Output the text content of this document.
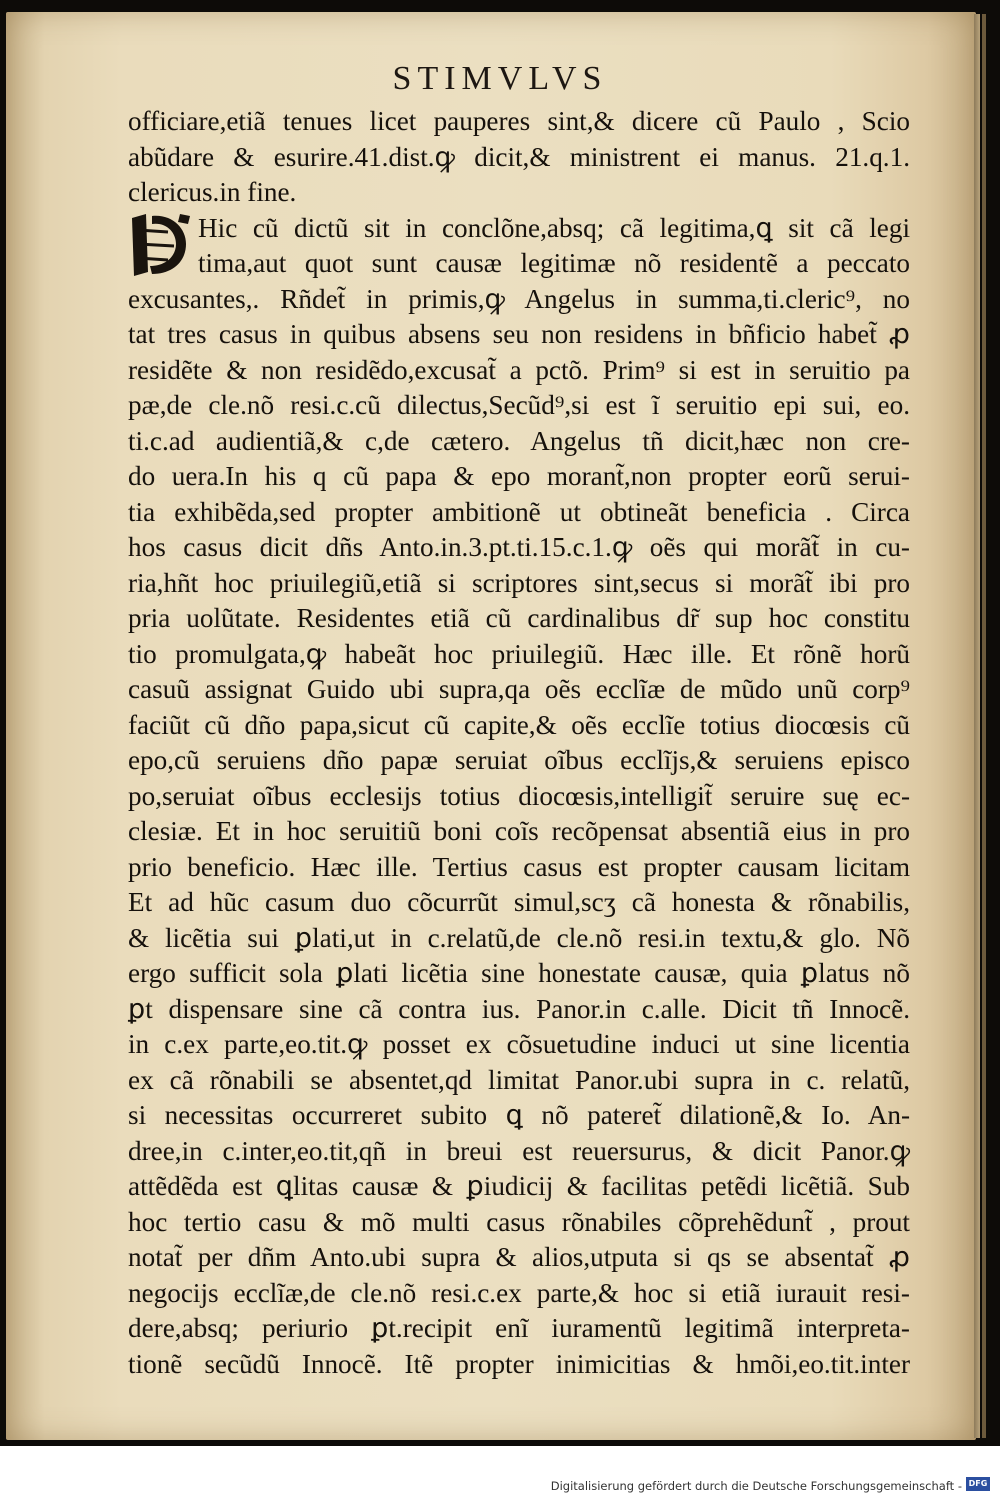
STIMVLVS
officiare,etiã tenues licet pauperes sint,& dicere cũ Paulo , Scio
abũdare & esurire.41.dist.ꝙ dicit,& ministrent ei manus. 21.q.1.
clericus.in fine.
Hic cũ dictũ sit in conclõne,absq; cã legitima,ꝗ sit cã legi
tima,aut quot sunt causæ legitimæ nõ residentẽ a peccato
excusantes,. Rñdet̃ in primis,ꝙ Angelus in summa,ti.cleric⁹, no
tat tres casus in quibus absens seu non residens in bñficio habet̃ ꝓ
residẽte & non residẽdo,excusat̃ a pctõ. Prim⁹ si est in seruitio pa
pæ,de cle.nõ resi.c.cũ dilectus,Secũd⁹,si est ĩ seruitio epi sui, eo.
ti.c.ad audientiã,& c,de cætero. Angelus tñ dicit,hæc non cre-
do uera.In his q cũ papa & epo morant̃,non propter eorũ serui-
tia exhibẽda,sed propter ambitionẽ ut obtineãt beneficia . Circa
hos casus dicit dñs Anto.in.3.pt.ti.15.c.1.ꝙ oẽs qui morãt̃ in cu-
ria,hñt hoc priuilegiũ,etiã si scriptores sint,secus si morãt̃ ibi pro
pria uolũtate. Residentes etiã cũ cardinalibus dr̃ sup hoc constitu
tio promulgata,ꝙ habeãt hoc priuilegiũ. Hæc ille. Et rõnẽ horũ
casuũ assignat Guido ubi supra,qa oẽs ecclĩæ de mũdo unũ corp⁹
faciũt cũ dño papa,sicut cũ capite,& oẽs ecclĩe totius diocœsis cũ
epo,cũ seruiens dño papæ seruiat oĩbus ecclĩjs,& seruiens episco
po,seruiat oĩbus ecclesijs totius diocœsis,intelligit̃ seruire suę ec-
clesiæ. Et in hoc seruitiũ boni coĩs recõpensat absentiã eius in pro
prio beneficio. Hæc ille. Tertius casus est propter causam licitam
Et ad hũc casum duo cõcurrũt simul,scʒ cã honesta & rõnabilis,
& licẽtia sui ꝑlati,ut in c.relatũ,de cle.nõ resi.in textu,& glo. Nõ
ergo sufficit sola ꝑlati licẽtia sine honestate causæ, quia ꝑlatus nõ
ꝑt dispensare sine cã contra ius. Panor.in c.alle. Dicit tñ Innocẽ.
in c.ex parte,eo.tit.ꝙ posset ex cõsuetudine induci ut sine licentia
ex cã rõnabili se absentet,qd limitat Panor.ubi supra in c. relatũ,
si necessitas occurreret subito ꝗ nõ pateret̃ dilationẽ,& Io. An-
dree,in c.inter,eo.tit,qñ in breui est reuersurus, & dicit Panor.ꝙ
attẽdẽda est ꝗlitas causæ & ꝑiudicij & facilitas petẽdi licẽtiã. Sub
hoc tertio casu & mõ multi casus rõnabiles cõprehẽdunt̃ , prout
notat̃ per dñm Anto.ubi supra & alios,utputa si qs se absentat̃ ꝓ
negocijs ecclĩæ,de cle.nõ resi.c.ex parte,& hoc si etiã iurauit resi-
dere,absq; periurio ꝑt.recipit enĩ iuramentũ legitimã interpreta-
tionẽ secũdũ Innocẽ. Itẽ propter inimicitias & hmõi,eo.tit.inter
Digitalisierung gefördert durch die Deutsche Forschungsgemeinschaft - DFG
